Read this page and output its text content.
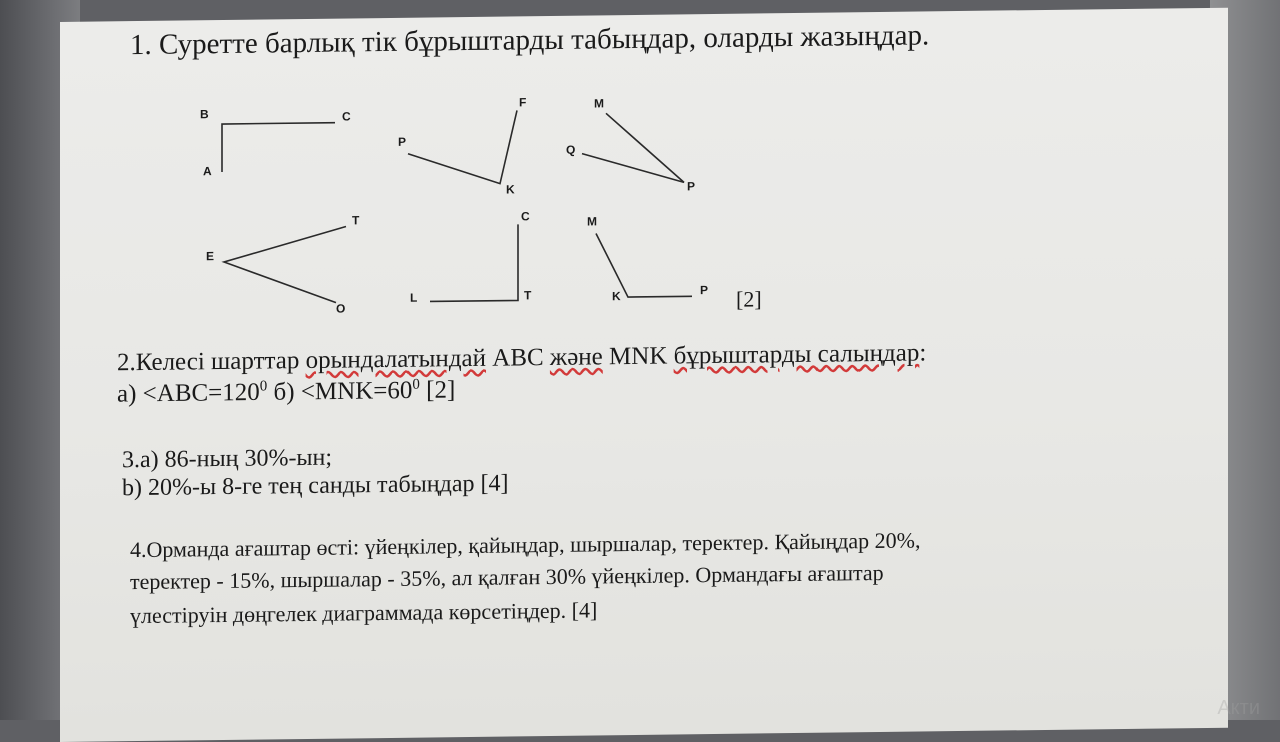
1. Суретте барлық тік бұрыштарды табыңдар, оларды жазыңдар.
B	C
A
F
P
K
M
Q
P
T
E
O
C
L	T
M
K	P [2]
2.Келесі шарттар орындалатындай АВС және MNK бұрыштарды салыңдар:
$а) <ABC=120^0$ $б) <MNK=60^0$ [2]
3.а) 86-ның 30%-ын;
b) 20%-ы 8-ге тең санды табыңдар [4]
4.Орманда ағаштар өсті: үйеңкілер, қайыңдар, шыршалар, теректер. Қайыңдар 20%,
теректер - 15%, шыршалар - 35%, ал қалған 30% үйеңкілер. Ормандағы ағаштар
үлестіруін дөңгелек диаграммада көрсетіңдер. [4]
Акти
